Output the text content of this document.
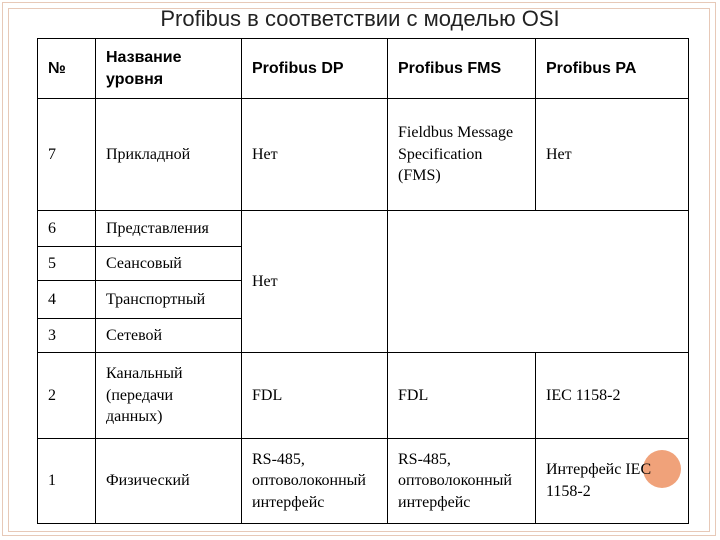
Profibus в соответствии с моделью OSI
№	Название уровня	Profibus DP	Profibus FMS	Profibus PA
7	Прикладной	Нет	Fieldbus Message Specification (FMS)	Нет
6	Представления	Нет		
5	Сеансовый			
4	Транспортный			
3	Сетевой			
2	Канальный (передачи данных)	FDL	FDL	IEC 1158-2
1	Физический	RS-485, оптоволоконный интерфейс	RS-485, оптоволоконный интерфейс	Интерфейс IEC 1158-2
